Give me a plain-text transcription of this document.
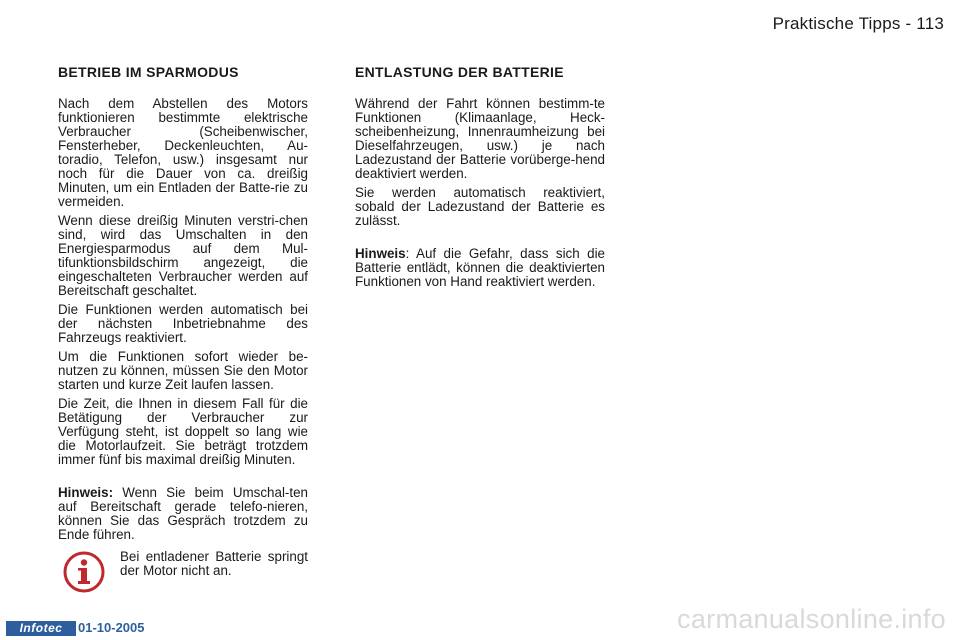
Praktische Tipps - 113
BETRIEB IM SPARMODUS

Nach dem Abstellen des Motors funktionieren bestimmte elektrische Verbraucher (Scheibenwischer, Fensterheber, Deckenleuchten, Au-toradio, Telefon, usw.) insgesamt nur noch für die Dauer von ca. dreißig Minuten, um ein Entladen der Batte-rie zu vermeiden.

Wenn diese dreißig Minuten verstri-chen sind, wird das Umschalten in den Energiesparmodus auf dem Mul-tifunktionsbildschirm angezeigt, die eingeschalteten Verbraucher werden auf Bereitschaft geschaltet.

Die Funktionen werden automatisch bei der nächsten Inbetriebnahme des Fahrzeugs reaktiviert.

Um die Funktionen sofort wieder be-nutzen zu können, müssen Sie den Motor starten und kurze Zeit laufen lassen.

Die Zeit, die Ihnen in diesem Fall für die Betätigung der Verbraucher zur Verfügung steht, ist doppelt so lang wie die Motorlaufzeit. Sie beträgt trotzdem immer fünf bis maximal dreißig Minuten.

Hinweis: Wenn Sie beim Umschal-ten auf Bereitschaft gerade telefo-nieren, können Sie das Gespräch trotzdem zu Ende führen.

Bei entladener Batterie springt der Motor nicht an.
ENTLASTUNG DER BATTERIE

Während der Fahrt können bestimm-te Funktionen (Klimaanlage, Heck-scheibenheizung, Innenraumheizung bei Dieselfahrzeugen, usw.) je nach Ladezustand der Batterie vorüberge-hend deaktiviert werden.

Sie werden automatisch reaktiviert, sobald der Ladezustand der Batterie es zulässt.

Hinweis: Auf die Gefahr, dass sich die Batterie entlädt, können die deaktivierten Funktionen von Hand reaktiviert werden.

Infotec	01-10-2005	carmanualsonline.info
